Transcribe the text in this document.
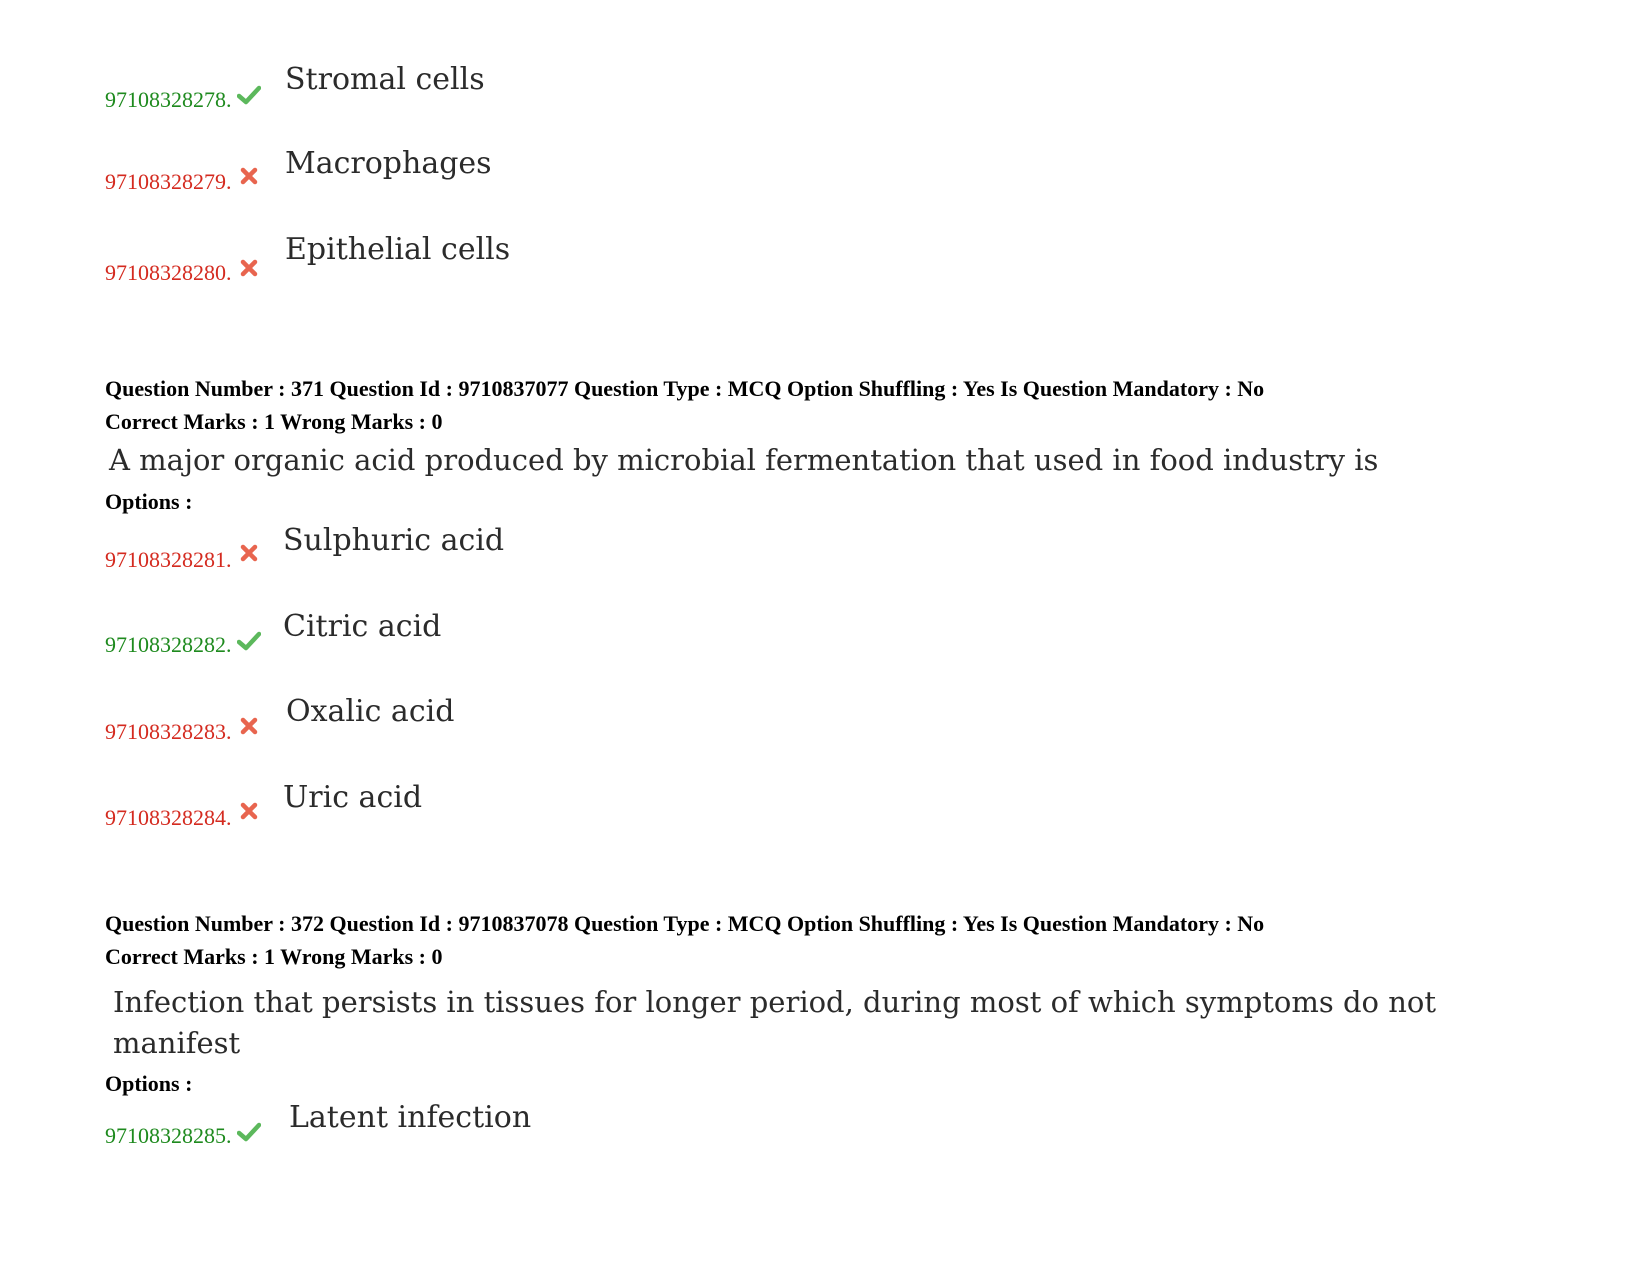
97108328278.
Stromal cells
97108328279.
Macrophages
97108328280.
Epithelial cells
Question Number : 371 Question Id : 9710837077 Question Type : MCQ Option Shuffling : Yes Is Question Mandatory : No
Correct Marks : 1 Wrong Marks : 0
A major organic acid produced by microbial fermentation that used in food industry is
Options :
97108328281.
Sulphuric acid
97108328282.
Citric acid
97108328283.
Oxalic acid
97108328284.
Uric acid
Question Number : 372 Question Id : 9710837078 Question Type : MCQ Option Shuffling : Yes Is Question Mandatory : No
Correct Marks : 1 Wrong Marks : 0
Infection that persists in tissues for longer period, during most of which symptoms do not
manifest
Options :
97108328285.
Latent infection
